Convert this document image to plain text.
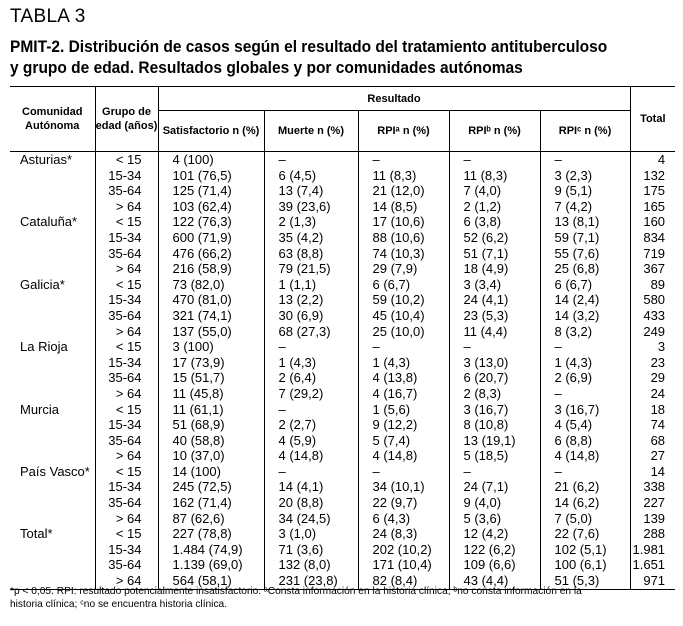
TABLA 3
PMIT-2. Distribución de casos según el resultado del tratamiento antituberculoso
y grupo de edad. Resultados globales y por comunidades autónomas
Comunidad Autónoma	Grupo de edad (años)	Resultado					Total
		Satisfactorio n (%)	Muerte n (%)	RPIᵃ n (%)	RPIᵇ n (%)	RPIᶜ n (%)	
Asturias*	< 15	4 (100)	–	–	–	–	4
	15-34	101 (76,5)	6 (4,5)	11 (8,3)	11 (8,3)	3 (2,3)	132
	35-64	125 (71,4)	13 (7,4)	21 (12,0)	7 (4,0)	9 (5,1)	175
	> 64	103 (62,4)	39 (23,6)	14 (8,5)	2 (1,2)	7 (4,2)	165
Cataluña*	< 15	122 (76,3)	2 (1,3)	17 (10,6)	6 (3,8)	13 (8,1)	160
	15-34	600 (71,9)	35 (4,2)	88 (10,6)	52 (6,2)	59 (7,1)	834
	35-64	476 (66,2)	63 (8,8)	74 (10,3)	51 (7,1)	55 (7,6)	719
	> 64	216 (58,9)	79 (21,5)	29 (7,9)	18 (4,9)	25 (6,8)	367
Galicia*	< 15	73 (82,0)	1 (1,1)	6 (6,7)	3 (3,4)	6 (6,7)	89
	15-34	470 (81,0)	13 (2,2)	59 (10,2)	24 (4,1)	14 (2,4)	580
	35-64	321 (74,1)	30 (6,9)	45 (10,4)	23 (5,3)	14 (3,2)	433
	> 64	137 (55,0)	68 (27,3)	25 (10,0)	11 (4,4)	8 (3,2)	249
La Rioja	< 15	3 (100)	–	–	–	–	3
	15-34	17 (73,9)	1 (4,3)	1 (4,3)	3 (13,0)	1 (4,3)	23
	35-64	15 (51,7)	2 (6,4)	4 (13,8)	6 (20,7)	2 (6,9)	29
	> 64	11 (45,8)	7 (29,2)	4 (16,7)	2 (8,3)	–	24
Murcia	< 15	11 (61,1)	–	1 (5,6)	3 (16,7)	3 (16,7)	18
	15-34	51 (68,9)	2 (2,7)	9 (12,2)	8 (10,8)	4 (5,4)	74
	35-64	40 (58,8)	4 (5,9)	5 (7,4)	13 (19,1)	6 (8,8)	68
	> 64	10 (37,0)	4 (14,8)	4 (14,8)	5 (18,5)	4 (14,8)	27
País Vasco*	< 15	14 (100)	–	–	–	–	14
	15-34	245 (72,5)	14 (4,1)	34 (10,1)	24 (7,1)	21 (6,2)	338
	35-64	162 (71,4)	20 (8,8)	22 (9,7)	9 (4,0)	14 (6,2)	227
	> 64	87 (62,6)	34 (24,5)	6 (4,3)	5 (3,6)	7 (5,0)	139
Total*	< 15	227 (78,8)	3 (1,0)	24 (8,3)	12 (4,2)	22 (7,6)	288
	15-34	1.484 (74,9)	71 (3,6)	202 (10,2)	122 (6,2)	102 (5,1)	1.981
	35-64	1.139 (69,0)	132 (8,0)	171 (10,4)	109 (6,6)	100 (6,1)	1.651
	> 64	564 (58,1)	231 (23,8)	82 (8,4)	43 (4,4)	51 (5,3)	971
*p < 0,05. RPI: resultado potencialmente insatisfactorio. ᵃConsta información en la historia clínica; ᵇno consta información en la
historia clínica; ᶜno se encuentra historia clínica.
